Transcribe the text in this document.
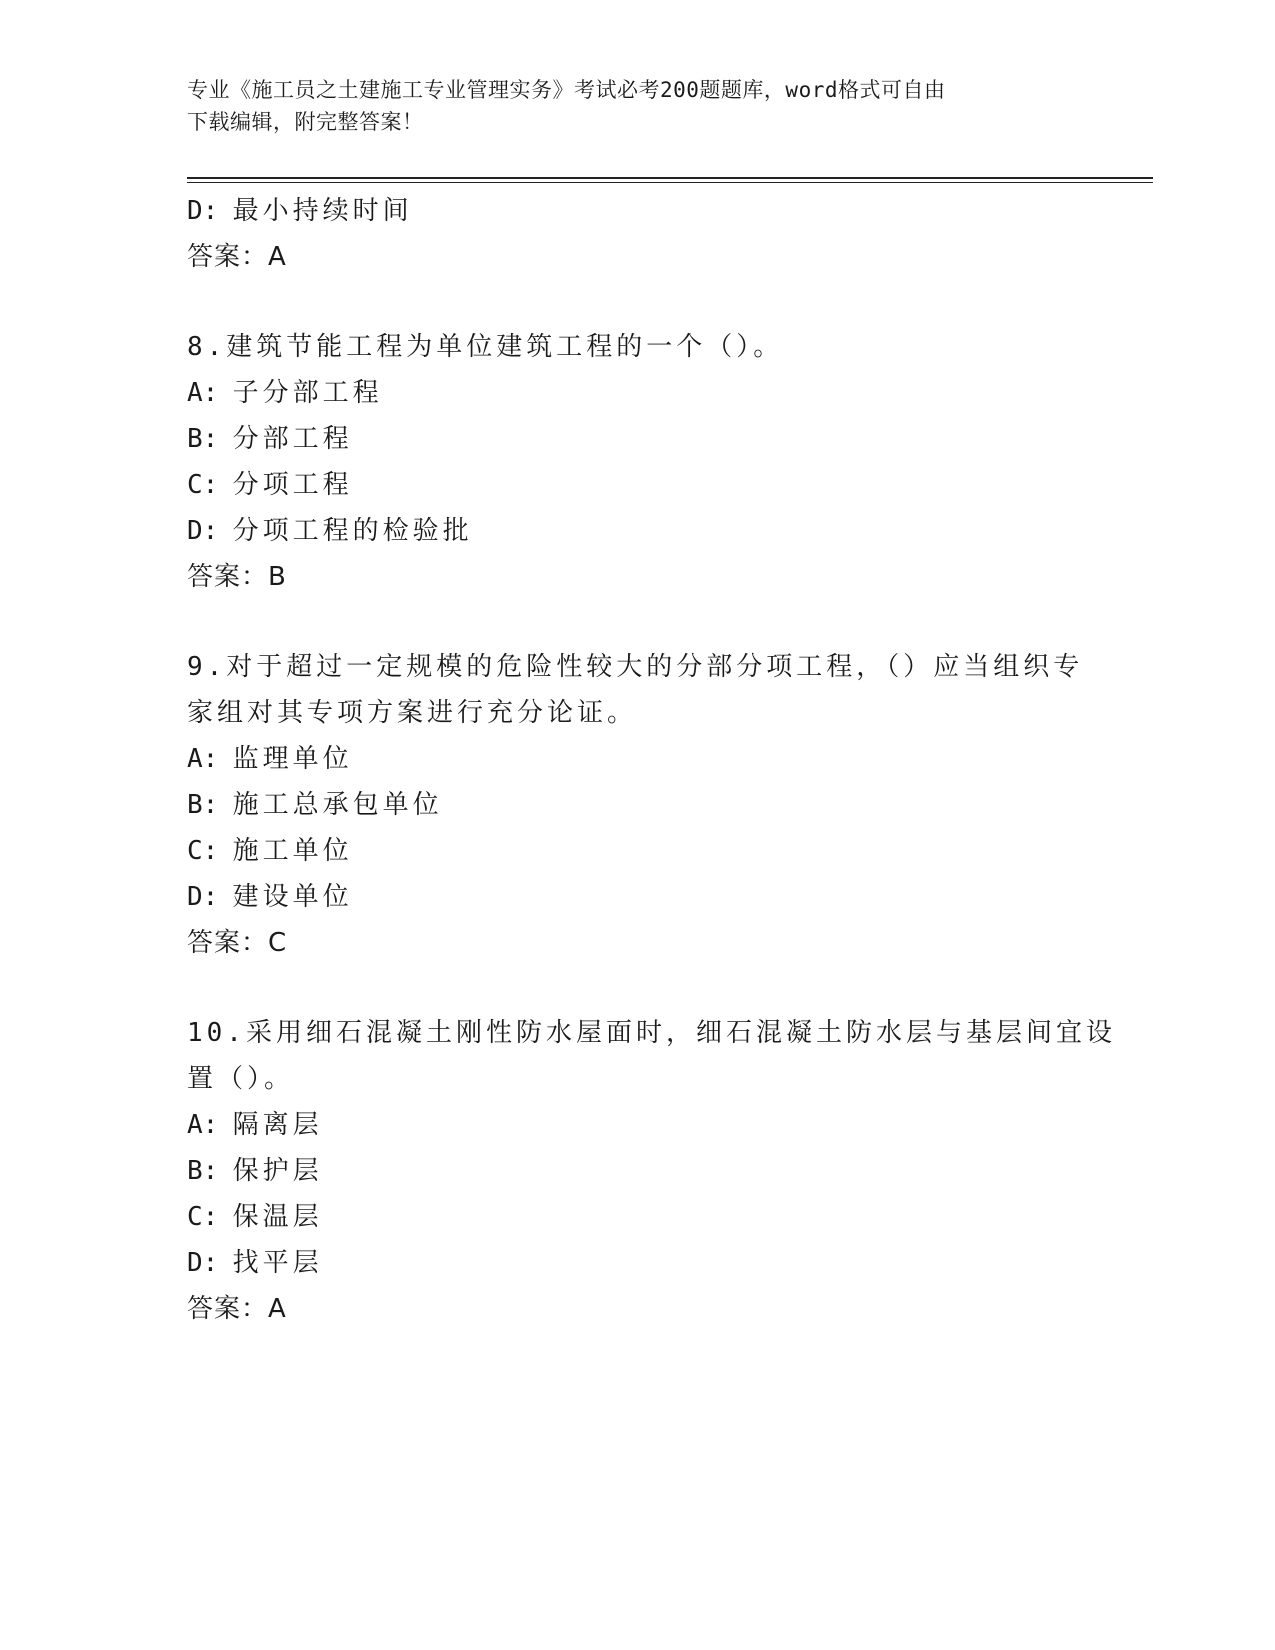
专业《施工员之土建施工专业管理实务》考试必考200题题库，word格式可自由
下载编辑，附完整答案！
D: 最小持续时间
答案：A
8.建筑节能工程为单位建筑工程的一个（）。
A: 子分部工程
B: 分部工程
C: 分项工程
D: 分项工程的检验批
答案：B
9.对于超过一定规模的危险性较大的分部分项工程，（）应当组织专
家组对其专项方案进行充分论证。
A: 监理单位
B: 施工总承包单位
C: 施工单位
D: 建设单位
答案：C
10.采用细石混凝土刚性防水屋面时，细石混凝土防水层与基层间宜设
置（）。
A: 隔离层
B: 保护层
C: 保温层
D: 找平层
答案：A
